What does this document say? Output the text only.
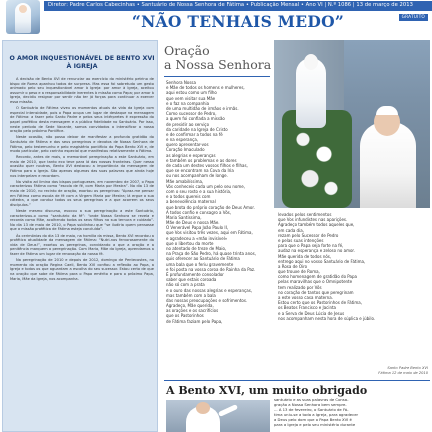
Diretor: Padre Carlos Cabecinhas • Santuário de Nossa Senhora de Fátima • Publicação Mensal • Ano VI | N.º 1086 | 13 de março de 2013
“NÃO TENHAIS MEDO”	GRATUITO
O AMOR INQUESTIONÁVEL DE BENTO XVI À IGREJA

A decisão de Bento XVI de renunciar ao exercício do ministério petrino de bispo de Roma apanhou todos de surpresa. Mas essa foi sobretudo um gesto animado pelo seu inquestionável amor à Igreja: por amor à Igreja, aceitou assumir o peso e a responsabilidade inerentes à missão como Papa; por amor à Igreja, decidiu resignar por sentir não ter já forças para continuar a exercer essa missão.

O Santuário de Fátima viveu os momentos atuais da vida da Igreja com especial intensidade, pois o Papa ocupa um lugar de destaque na mensagem de Fátima: a fazer pelo Santo Padre e pelos seus intérpretes é expressão do papel profético desta mensagem e a pública fidelidade no Santuário. Por isso, neste período de Sede Vacante, somos convidados a intensificar a nossa oração pelo próximo Pontífice.

Neste ocasião, não posso deixar de manifestar a profunda gratidão do Santuário de Fátima e dos seus peregrinos e devotos de Nossa Senhora de Fátima, pelo testemunho e pelo magistério pontifício do Papa Bento XVI e, de modo particular, pelo carinho especial que manifestou relativamente a Fátima.

Recordo, antes de mais, o memorável peregrinação a este Santuário, em maio de 2010, que tanto eco teve para lá das nossas fronteiras. Quer nessa ocasião quer noutras, Bento XVI destacou a importância da mensagem de Fátima para a Igreja. São apenas algumas das suas palavras que ainda hoje nos interpelam e recordam.

Na visita ad limina dos bispos portugueses, em novembro de 2007, o Papa caracterizou Fátima como “escola de fé, com Maria por Mestra”. No dia 13 de maio de 2010, no recinto de oração, exortou os peregrinos: “Apraz-me pensar em Fátima como escola de fé com a Virgem Maria por Mestra; lá ergue a sua cátedra, a que conduz todos os seus peregrinos e a que acorrem os seus discípulos.”

Neste mesmo discurso, evocou a sua peregrinação a este Santuário, caracterizou-o como “santuário da fé”: “onde Nossa Senhora se revela e recorda como Mãe, acolhendo todos os seus filhos na sua ternura e cuidado”. No dia 13 de maio de 2010, o Papa sublinhou que “se iludiria quem pensasse que a missão profética de Fátima esteja concluída”.

Às cerimónias do dia 13 de maio, na homilia da missa, Bento XVI recordou a profética atualidade da mensagem de Fátima: “Nutri-nos fervorosamente da vida de Deus!”, exortou os peregrinos, convidando a que a oração e a penitência marquem a peregrinação. Com Maria, Mãe da Igreja, aprendamos a fazer de Fátima um lugar de renovação da nossa fé.

Na peregrinação de 2010 e depois de 2012, domingo de Pentecostes, no momento da oração Regina Caeli, Bento XVI confiou a reflexão ao Papa, a Igreja e todos os que aguardam a escolha do seu sucessor. Estou certo de que na oração que sobe de Fátima para o Papa emérito e para o próximo Papa, Maria, Mãe da Igreja, nos acompanha.

Oração
a Nossa Senhora
Senhora Nossa
e Mãe de todos os homens e mulheres,
aqui estou como um filho
que vem visitar sua Mãe
e o faz na companhia
de uma multidão de irmãos e irmãs.
Como sucessor de Pedro,
a quem foi confiada a missão
de presidir ao serviço
da caridade na Igreja de Cristo
e de confirmar a todos na fé
e na esperança,
quero apresentar-vos
Coração Imaculado
as alegrias e esperanças
e também os problemas e as dores
de cada um destes vossos filhos e filhas,
que se encontram na Cova da Iria
ou nos acompanham de longe.
Mãe amabilíssima,
Vós conheceis cada um pelo seu nome,
com o seu rosto e a sua história,
e a todos quereis com
a benevolência maternal
que brota do próprio coração de Deus Amor.
A todos confio e consagro a Vós,
Maria Santíssima,
Mãe de Deus e nossa Mãe.
O Venerável Papa João Paulo II,
que Vos visitou três vezes, aqui em Fátima,
e agradeceu a «mão invisível»
que o libertou da morte
no atentado de treze de Maio,
na Praça de São Pedro, há quase trinta anos,
quis oferecer ao Santuário de Fátima
uma bala que o feriu gravemente
e foi posta na vossa coroa de Rainha da Paz.
É profundamente consolador
saber que estais coroada
não só com a prata
e o ouro das nossas alegrias e esperanças,
mas também com a bala
das nossas preocupações e sofrimentos.
Agradeço, Mãe querida,
as orações e os sacrifícios
que os Pastorinhos
de Fátima faziam pelo Papa,
levados pelos sentimentos
que Vos infundistes nas aparições.
Agradeço também todos aqueles que,
em cada dia,
rezam pelo Sucessor de Pedro
e pelas suas intenções
para que o Papa seja forte na fé,
audaz na esperança e zeloso no amor.
Mãe querida de todos nós,
entrego aqui no vosso Santuário de Fátima,
a Rosa de Oiro
que trouxe de Roma,
como homenagem de gratidão do Papa
pelas maravilhas que o Omnipotente
tem realizado por Vós
no coração de tantos que peregrinam
a este vosso casa materna.
Estou certo que os Pastorinhos de Fátima,
os Beatos Francisco e Jacinta
e a Serva de Deus Lúcia de Jesus
nos acompanham nesta hora de súplica e júbilo.
Santo Padre Bento XVI
Fátima 12 de maio de 2010
A Bento XVI, um muito obrigado
santuário e as suas palavras de Consa-
gração a Nossa Senhora bem sempre-
... A 13 de fevereiro, o Santuário de Fá-
tima uniu-se a toda a Igreja, para agradecer
a Deus pelo dom que o Papa Bento XVI é
para a Igreja e pelo seu ministério durante
